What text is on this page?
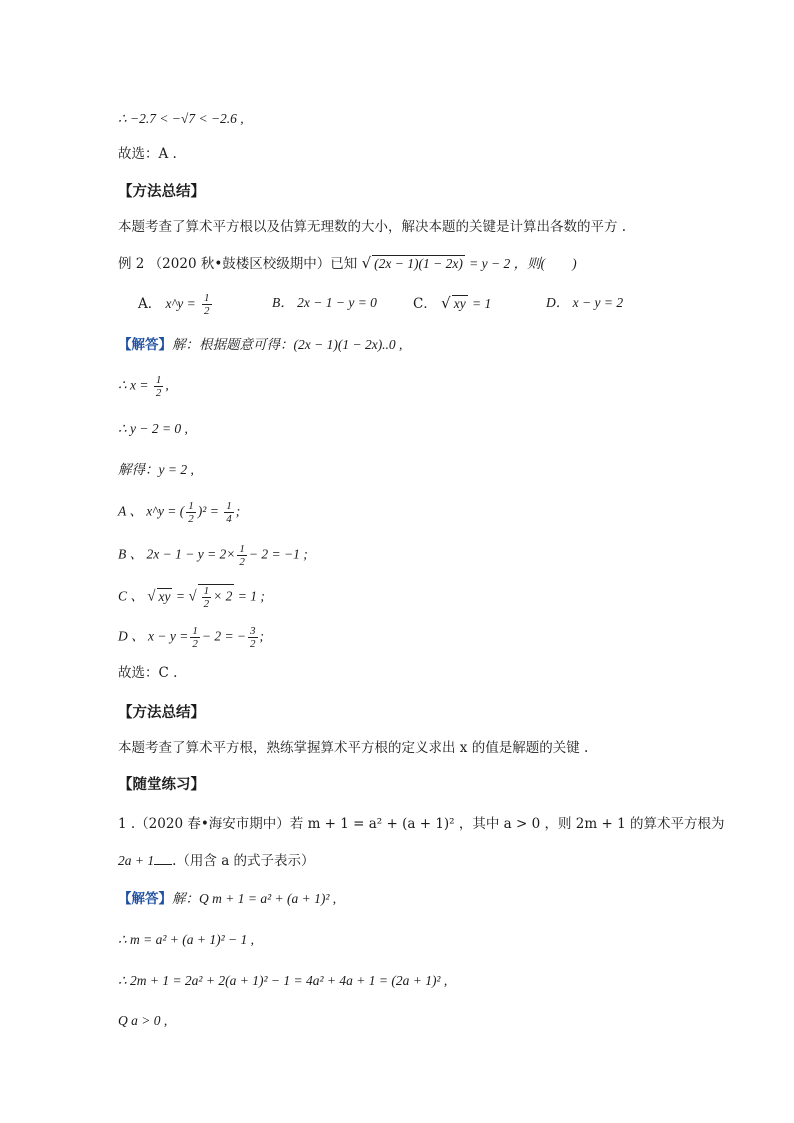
∴ −2.7 < −√7 < −2.6 ,
故选：A .
【方法总结】
本题考查了算术平方根以及估算无理数的大小，解决本题的关键是计算出各数的平方 .
例 2 （2020 秋•鼓楼区校级期中）已知 √ (2x − 1)(1 − 2x) = y − 2 ，则(　　)
A． x^y = $\frac{1}{2}$	B． 2x − 1 − y = 0	C． √ xy = 1	D． x − y = 2
【解答】解：根据题意可得：(2x − 1)(1 − 2x)..0 ,
∴ $x = \frac{1}{2}$ ,
∴ y − 2 = 0 ,
解得：y = 2 ,
A 、 x^y = ( $\frac{1}{2} )^2 = \frac{1}{4}$ ;
B 、 $2x - 1 - y = 2\times \frac{1}{2} - 2 = -1$ ;
C 、 √ xy = √ $\frac{1}{2} \times 2 = 1$ ;
D 、 $x - y = \frac{1}{2} - 2$ = − $\frac{3}{2}$ ;
故选：C .
【方法总结】
本题考查了算术平方根，熟练掌握算术平方根的定义求出 x 的值是解题的关键 .
【随堂练习】
1 .（2020 春•海安市期中）若 m + 1 = a² + (a + 1)² ，其中 a > 0 ，则 2m + 1 的算术平方根为
2a + 1 .（用含 a 的式子表示）
【解答】解：Q m + 1 = a² + (a + 1)² ,
∴ m = a² + (a + 1)² − 1 ,
∴ 2m + 1 = 2a² + 2(a + 1)² − 1 = 4a² + 4a + 1 = (2a + 1)² ,
Q a > 0 ,
